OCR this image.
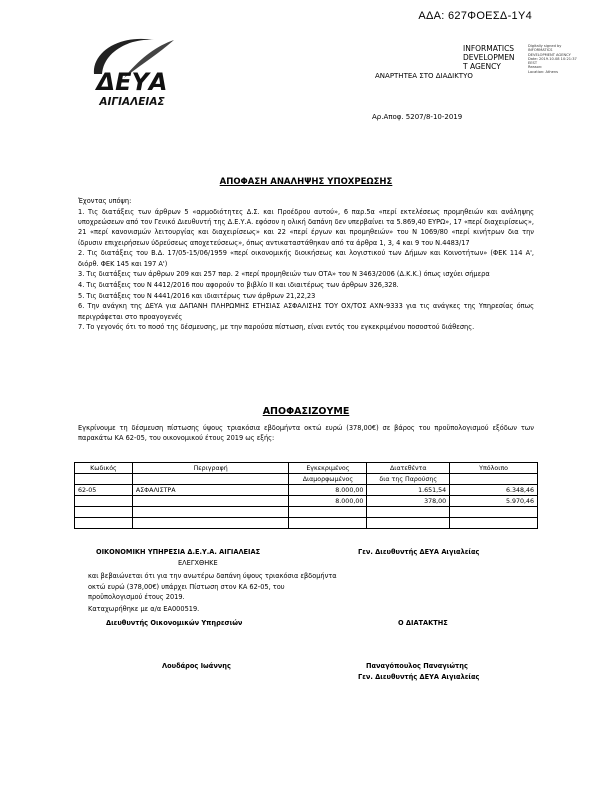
ΑΔΑ: 627ΦΟΕΣΔ-1Υ4
ΔΕΥΑ
ΑΙΓΙΑΛΕΙΑΣ
INFORMATICS
DEVELOPMEN
T AGENCY
Digitally signed by
INFORMATICS
DEVELOPMENT AGENCY
Date: 2019.10.08 10:21:37
EEST
Reason:
Location: Athens
ΑΝΑΡΤΗΤΕΑ ΣΤΟ ΔΙΑΔΙΚΤΥΟ
Αρ.Αποφ. 5207/8-10-2019
ΑΠΟΦΑΣΗ ΑΝΑΛΗΨΗΣ ΥΠΟΧΡΕΩΣΗΣ
Έχοντας υπόψη:

1. Τις διατάξεις των άρθρων 5 «αρμοδιότητες Δ.Σ. και Προέδρου αυτού», 6 παρ.5α «περί εκτελέσεως προμηθειών και ανάληψης υποχρεώσεων από τον Γενικό Διευθυντή της Δ.Ε.Υ.Α. εφόσον η ολική δαπάνη δεν υπερβαίνει τα 5.869,40 ΕΥΡΩ», 17 «περί διαχειρίσεως», 21 «περί κανονισμών λειτουργίας και διαχειρίσεως» και 22 «περί έργων και προμηθειών» του Ν 1069/80 «περί κινήτρων δια την ίδρυσιν επιχειρήσεων ύδρεύσεως αποχετεύσεως», όπως αντικαταστάθηκαν από τα άρθρα 1, 3, 4 και 9 του Ν.4483/17

2. Τις διατάξεις του Β.Δ. 17/05-15/06/1959 «περί οικονομικής διοικήσεως και λογιστικού των Δήμων και Κοινοτήτων» (ΦΕΚ 114 Α', διόρθ. ΦΕΚ 145 και 197 Α')

3. Τις διατάξεις των άρθρων 209 και 257 παρ. 2 «περί προμηθειών των ΟΤΑ» του Ν 3463/2006 (Δ.Κ.Κ.) όπως ισχύει σήμερα

4. Τις διατάξεις του Ν 4412/2016 που αφορούν το βιβλίο ΙΙ και ιδιαιτέρως των άρθρων 326,328.

5. Τις διατάξεις του Ν 4441/2016 και ιδιαιτέρως των άρθρων 21,22,23

6. Την ανάγκη της ΔΕΥΑ για ΔΑΠΑΝΗ ΠΛΗΡΩΜΗΣ ΕΤΗΣΙΑΣ ΑΣΦΑΛΙΣΗΣ ΤΟΥ ΟΧ/ΤΟΣ ΑΧΝ-9333 για τις ανάγκες της Υπηρεσίας όπως περιγράφεται στο προαγογενές

7. Το γεγονός ότι το ποσό της δέσμευσης, με την παρούσα πίστωση, είναι εντός του εγκεκριμένου ποσοστού διάθεσης.

ΑΠΟΦΑΣΙΖΟΥΜΕ
Εγκρίνουμε τη δέσμευση πίστωσης ύψους τριακόσια εβδομήντα οκτώ ευρώ (378,00€) σε βάρος του προϋπολογισμού εξόδων των παρακάτω ΚΑ 62-05, του οικονομικού έτους 2019 ως εξής:
Κωδικός	Περιγραφή	Εγκεκριμένος	Διατεθέντα	Υπόλοιπο
		Διαμορφωμένος	δια της Παρούσης	
62-05	ΑΣΦΑΛΙΣΤΡΑ	8.000,00	1.651,54	6.348,46
		8.000,00	378,00	5.970,46

ΟΙΚΟΝΟΜΙΚΗ ΥΠΗΡΕΣΙΑ Δ.Ε.Υ.Α. ΑΙΓΙΑΛΕΙΑΣ
ΕΛΕΓΧΘΗΚΕ
και βεβαιώνεται ότι για την ανωτέρω δαπάνη ύψους τριακόσια εβδομήντα οκτώ ευρώ (378,00€) υπάρχει Πίστωση στον ΚΑ 62-05, του προϋπολογισμού έτους 2019.
Καταχωρήθηκε με α/α ΕΑ000519.
Διευθυντής Οικονομικών Υπηρεσιών
Λουδάρος Ιωάννης
Γεν. Διευθυντής ΔΕΥΑ Αιγιαλείας
Ο ΔΙΑΤΑΚΤΗΣ
Παναγόπουλος Παναγιώτης
Γεν. Διευθυντής ΔΕΥΑ Αιγιαλείας
